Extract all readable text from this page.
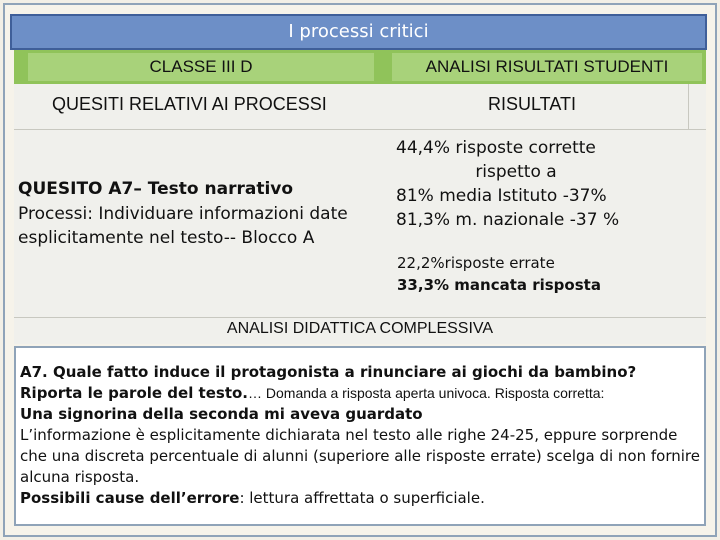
I processi critici
CLASSE III D	ANALISI RISULTATI STUDENTI
QUESITI RELATIVI AI PROCESSI	RISULTATI
QUESITO A7– Testo narrativo
Processi: Individuare informazioni date esplicitamente nel testo-- Blocco A
44,4% risposte corrette
rispetto a
81% media Istituto -37%
81,3% m. nazionale -37 %
22,2%risposte errate
33,3% mancata risposta
ANALISI DIDATTICA COMPLESSIVA
A7. Quale fatto induce il protagonista a rinunciare ai giochi da bambino?
Riporta le parole del testo.… Domanda a risposta aperta univoca. Risposta corretta:
Una signorina della seconda mi aveva guardato
L’informazione è esplicitamente dichiarata nel testo alle righe 24-25, eppure sorprende che una discreta percentuale di alunni (superiore alle risposte errate) scelga di non fornire alcuna risposta.
Possibili cause dell’errore: lettura affrettata o superficiale.
